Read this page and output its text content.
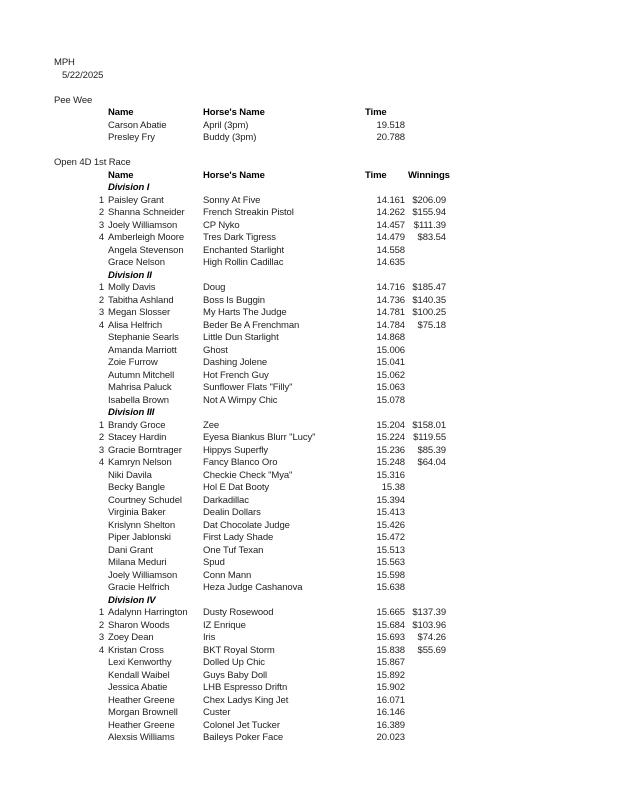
MPH
5/22/2025
Pee Wee
Name	Horse's Name	Time
Carson Abatie	April (3pm)	19.518
Presley Fry	Buddy (3pm)	20.788
Open 4D 1st Race
Name	Horse's Name	Time	Winnings
Division I
1 Paisley Grant	Sonny At Five	14.161 $206.09
2 Shanna Schneider	French Streakin Pistol	14.262 $155.94
3 Joely Williamson	CP Nyko	14.457 $111.39
4 Amberleigh Moore	Tres Dark Tigress	14.479	$83.54
Angela Stevenson	Enchanted Starlight	14.558
Grace Nelson	High Rollin Cadillac	14.635
Division II
1 Molly Davis	Doug	14.716 $185.47
2 Tabitha Ashland	Boss Is Buggin	14.736 $140.35
3 Megan Slosser	My Harts The Judge	14.781 $100.25
4 Alisa Helfrich	Beder Be A Frenchman	14.784	$75.18
Stephanie Searls	Little Dun Starlight	14.868
Amanda Marriott	Ghost	15.006
Zoie Furrow	Dashing Jolene	15.041
Autumn Mitchell	Hot French Guy	15.062
Mahrisa Paluck	Sunflower Flats "Filly"	15.063
Isabella Brown	Not A Wimpy Chic	15.078
Division III
1 Brandy Groce	Zee	15.204 $158.01
2 Stacey Hardin	Eyesa Biankus Blurr "Lucy"	15.224 $119.55
3 Gracie Borntrager	Hippys Superfly	15.236	$85.39
4 Kamryn Nelson	Fancy Blanco Oro	15.248	$64.04
Niki Davila	Checkie Check "Mya"	15.316
Becky Bangle	Hol E Dat Booty	15.38
Courtney Schudel	Darkadillac	15.394
Virginia Baker	Dealin Dollars	15.413
Krislynn Shelton	Dat Chocolate Judge	15.426
Piper Jablonski	First Lady Shade	15.472
Dani Grant	One Tuf Texan	15.513
Milana Meduri	Spud	15.563
Joely Williamson	Conn Mann	15.598
Gracie Helfrich	Heza Judge Cashanova	15.638
Division IV
1 Adalynn Harrington	Dusty Rosewood	15.665 $137.39
2 Sharon Woods	IZ Enrique	15.684 $103.96
3 Zoey Dean	Iris	15.693	$74.26
4 Kristan Cross	BKT Royal Storm	15.838	$55.69
Lexi Kenworthy	Dolled Up Chic	15.867
Kendall Waibel	Guys Baby Doll	15.892
Jessica Abatie	LHB Espresso Driftn	15.902
Heather Greene	Chex Ladys King Jet	16.071
Morgan Brownell	Custer	16.146
Heather Greene	Colonel Jet Tucker	16.389
Alexsis Williams	Baileys Poker Face	20.023
